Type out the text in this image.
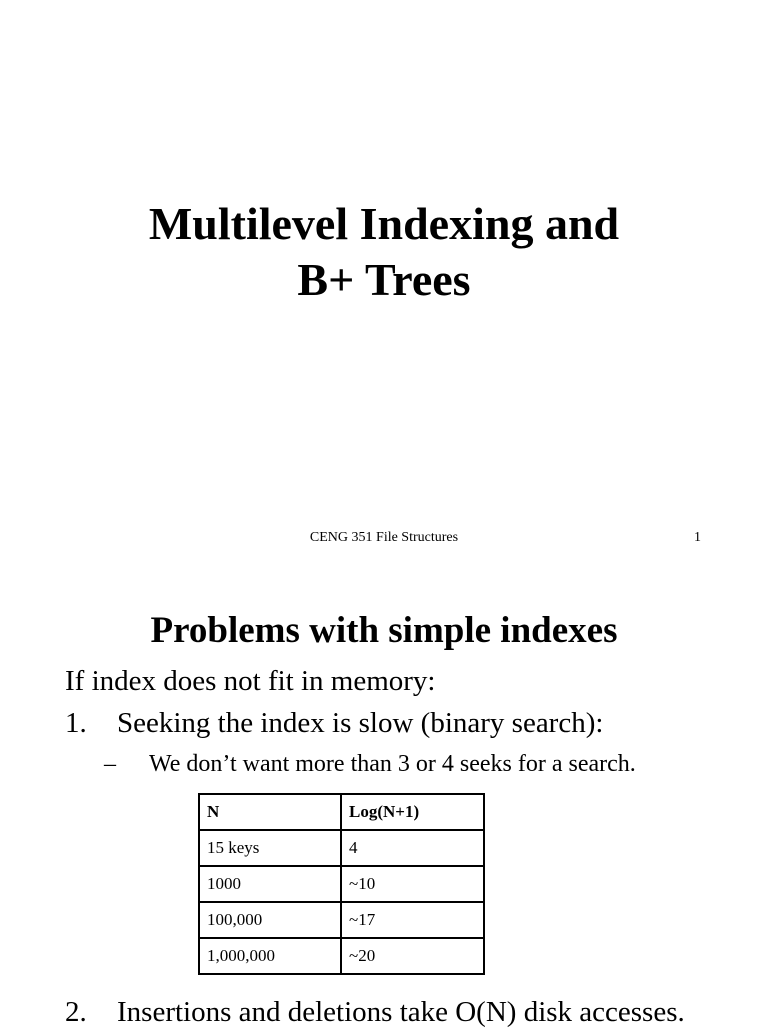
Multilevel Indexing and
B+ Trees
CENG 351 File Structures	1
Problems with simple indexes
If index does not fit in memory:
1. Seeking the index is slow (binary search):
– We don’t want more than 3 or 4 seeks for a search.
N	Log(N+1)
15 keys	4
1000	~10
100,000	~17
1,000,000	~20
2. Insertions and deletions take O(N) disk accesses.
